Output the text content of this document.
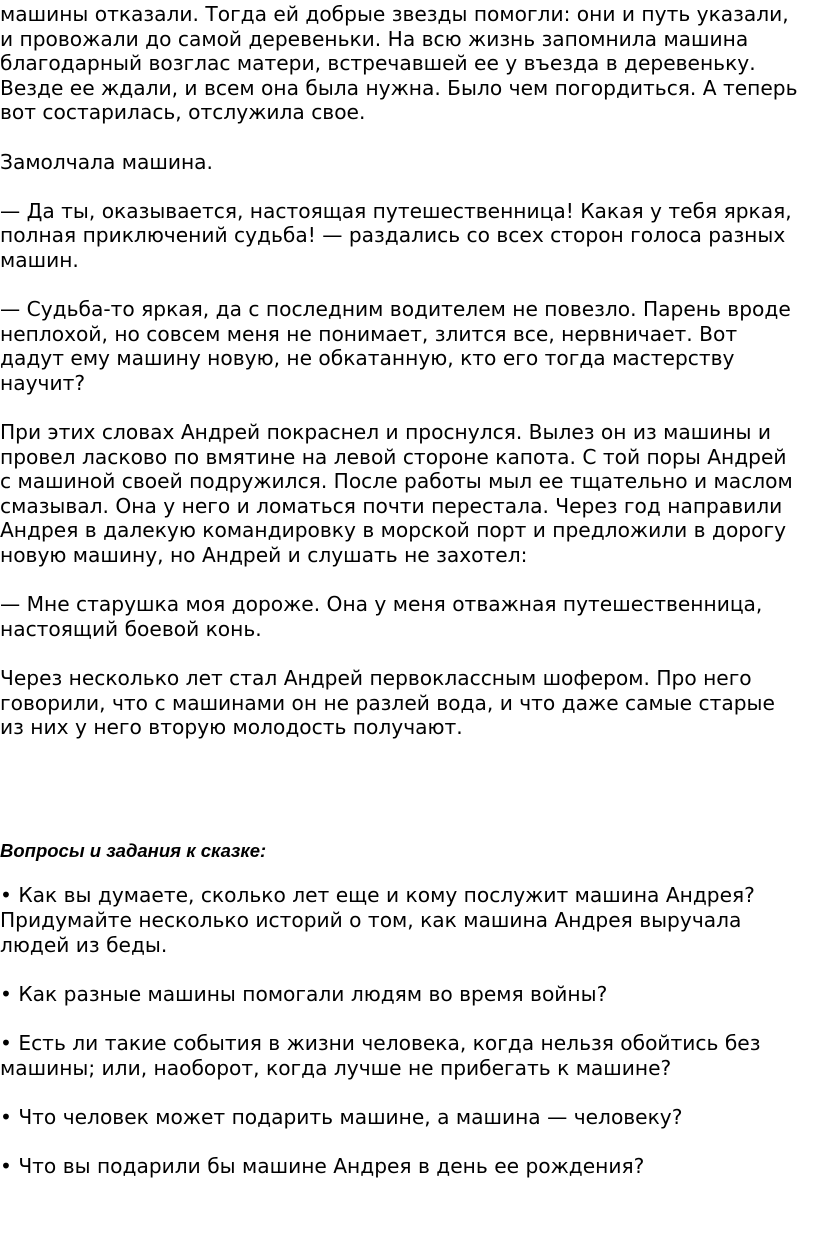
машины отказали. Тогда ей добрые звезды помогли: они и путь указали,
и провожали до самой деревеньки. На всю жизнь запомнила машина
благодарный возглас матери, встречавшей ее у въезда в деревеньку.
Везде ее ждали, и всем она была нужна. Было чем погордиться. А теперь
вот состарилась, отслужила свое.
Замолчала машина.
— Да ты, оказывается, настоящая путешественница! Какая у тебя яркая,
полная приключений судьба! — раздались со всех сторон голоса разных
машин.
— Судьба-то яркая, да с последним водителем не повезло. Парень вроде
неплохой, но совсем меня не понимает, злится все, нервничает. Вот
дадут ему машину новую, не обкатанную, кто его тогда мастерству
научит?
При этих словах Андрей покраснел и проснулся. Вылез он из машины и
провел ласково по вмятине на левой стороне капота. С той поры Андрей
с машиной своей подружился. После работы мыл ее тщательно и маслом
смазывал. Она у него и ломаться почти перестала. Через год направили
Андрея в далекую командировку в морской порт и предложили в дорогу
новую машину, но Андрей и слушать не захотел:
— Мне старушка моя дороже. Она у меня отважная путешественница,
настоящий боевой конь.
Через несколько лет стал Андрей первоклассным шофером. Про него
говорили, что с машинами он не разлей вода, и что даже самые старые
из них у него вторую молодость получают.
Вопросы и задания к сказке:
• Как вы думаете, сколько лет еще и кому послужит машина Андрея?
Придумайте несколько историй о том, как машина Андрея выручала
людей из беды.
• Как разные машины помогали людям во время войны?
• Есть ли такие события в жизни человека, когда нельзя обойтись без
машины; или, наоборот, когда лучше не прибегать к машине?
• Что человек может подарить машине, а машина — человеку?
• Что вы подарили бы машине Андрея в день ее рождения?
